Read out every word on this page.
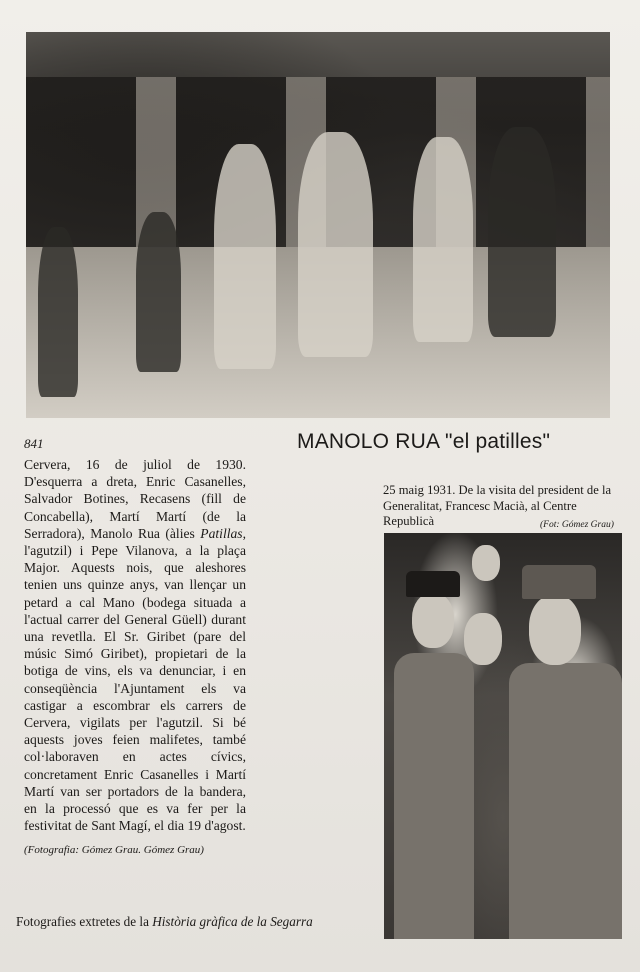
841	MANOLO RUA "el patilles"
Cervera, 16 de juliol de 1930. D'esquerra a dreta, Enric Casanelles, Salvador Botines, Recasens (fill de Concabella), Martí Martí (de la Serradora), Manolo Rua (àlies Patillas, l'agutzil) i Pepe Vilanova, a la plaça Major. Aquests nois, que aleshores tenien uns quinze anys, van llençar un petard a cal Mano (bodega situada a l'actual carrer del General Güell) durant una revetlla. El Sr. Giribet (pare del músic Simó Giribet), propietari de la botiga de vins, els va denunciar, i en conseqüència l'Ajuntament els va castigar a escombrar els carrers de Cervera, vigilats per l'agutzil. Si bé aquests joves feien malifetes, també col·laboraven en actes cívics, concretament Enric Casanelles i Martí Martí van ser portadors de la bandera, en la processó que es va fer per la festivitat de Sant Magí, el dia 19 d'agost.
(Fotografia: Gómez Grau. Gómez Grau)
25 maig 1931. De la visita del president de la Generalitat, Francesc Macià, al Centre Republicà	(Fot: Gómez Grau)
Fotografies extretes de la Història gràfica de la Segarra
